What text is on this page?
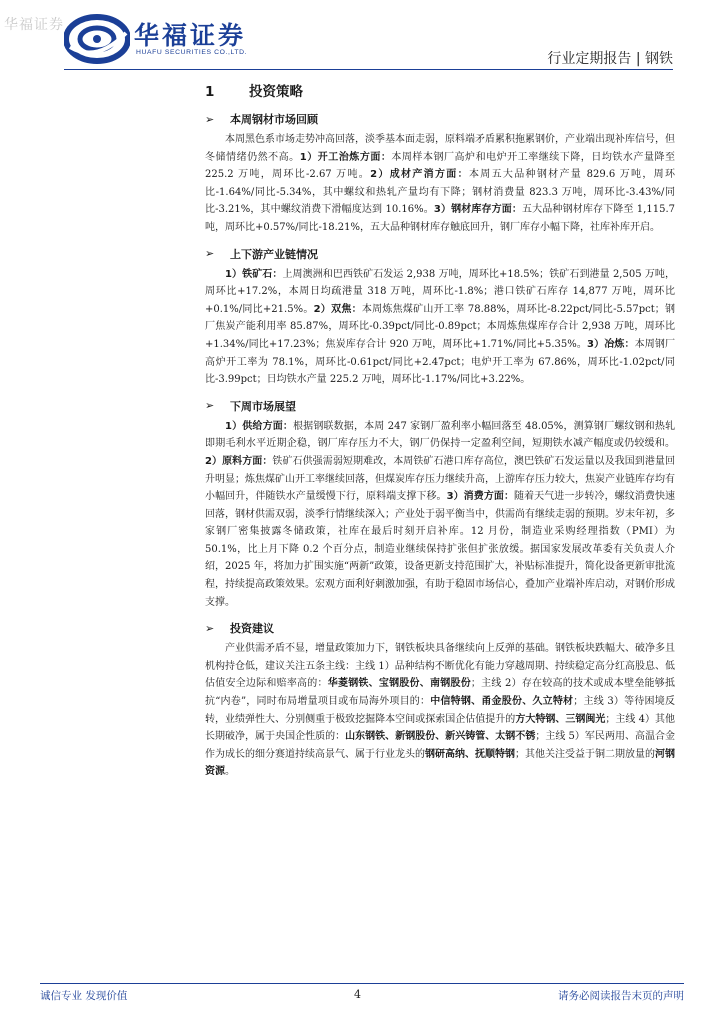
华福证券	华福证券
HUAFU SECURITIES CO.,LTD.	行业定期报告 | 钢铁
1	投资策略
➢	本周钢材市场回顾

本周黑色系市场走势冲高回落，淡季基本面走弱，原料端矛盾累积拖累钢价，产业端出现补库信号，但冬储情绪仍然不高。1）开工治炼方面：本周样本钢厂高炉和电炉开工率继续下降，日均铁水产量降至 225.2 万吨，周环比-2.67 万吨。2）成材产消方面：本周五大品种钢材产量 829.6 万吨，周环比-1.64%/同比-5.34%，其中螺纹和热轧产量均有下降；钢材消费量 823.3 万吨，周环比-3.43%/同比-3.21%，其中螺纹消费下滑幅度达到 10.16%。3）钢材库存方面：五大品种钢材库存下降至 1,115.7 吨，周环比+0.57%/同比-18.21%，五大品种钢材库存触底回升，钢厂库存小幅下降，社库补库开启。

➢	上下游产业链情况

1）铁矿石：上周澳洲和巴西铁矿石发运 2,938 万吨，周环比+18.5%；铁矿石到港量 2,505 万吨，周环比+17.2%，本周日均疏港量 318 万吨，周环比-1.8%；港口铁矿石库存 14,877 万吨，周环比+0.1%/同比+21.5%。2）双焦：本周炼焦煤矿山开工率 78.88%，周环比-8.22pct/同比-5.57pct；钢厂焦炭产能利用率 85.87%，周环比-0.39pct/同比-0.89pct；本周炼焦煤库存合计 2,938 万吨，周环比+1.34%/同比+17.23%；焦炭库存合计 920 万吨，周环比+1.71%/同比+5.35%。3）冶炼：本周钢厂高炉开工率为 78.1%，周环比-0.61pct/同比+2.47pct；电炉开工率为 67.86%，周环比-1.02pct/同比-3.99pct；日均铁水产量 225.2 万吨，周环比-1.17%/同比+3.22%。

➢	下周市场展望

1）供给方面：根据钢联数据，本周 247 家钢厂盈利率小幅回落至 48.05%，测算钢厂螺纹钢和热轧即期毛利水平近期企稳，钢厂库存压力不大，钢厂仍保持一定盈利空间，短期铁水减产幅度或仍较缓和。2）原料方面：铁矿石供强需弱短期难改，本周铁矿石港口库存高位，澳巴铁矿石发运量以及我国到港量回升明显；炼焦煤矿山开工率继续回落，但煤炭库存压力继续升高，上游库存压力较大，焦炭产业链库存均有小幅回升，伴随铁水产量缓慢下行，原料端支撑下移。3）消费方面：随着天气进一步转冷，螺纹消费快速回落，钢材供需双弱，淡季行情继续深入；产业处于弱平衡当中，供需尚有继续走弱的预期。岁末年初，多家钢厂密集披露冬储政策，社库在最后时刻开启补库。12 月份，制造业采购经理指数（PMI）为 50.1%，比上月下降 0.2 个百分点，制造业继续保持扩张但扩张放缓。据国家发展改革委有关负责人介绍，2025 年，将加力扩围实施“两新”政策，设备更新支持范围扩大，补贴标准提升，简化设备更新审批流程，持续提高政策效果。宏观方面利好刺激加强，有助于稳固市场信心，叠加产业端补库启动，对钢价形成支撑。

➢	投资建议

产业供需矛盾不显，增量政策加力下，钢铁板块具备继续向上反弹的基础。钢铁板块跌幅大、破净多且机构持仓低，建议关注五条主线：主线 1）品种结构不断优化有能力穿越周期、持续稳定高分红高股息、低估值安全边际和赔率高的：华菱钢铁、宝钢股份、南钢股份；主线 2）存在较高的技术或成本壁垒能够抵抗“内卷”，同时布局增量项目或布局海外项目的：中信特钢、甬金股份、久立特材；主线 3）等待困境反转，业绩弹性大、分别侧重于极致挖掘降本空间或探索国企估值提升的方大特钢、三钢闽光；主线 4）其他长期破净，属于央国企性质的：山东钢铁、新钢股份、新兴铸管、太钢不锈；主线 5）军民两用、高温合金作为成长的细分赛道持续高景气、属于行业龙头的钢研高纳、抚顺特钢；其他关注受益于铜二期放量的河钢资源。

诚信专业 发现价值	4	请务必阅读报告末页的声明
